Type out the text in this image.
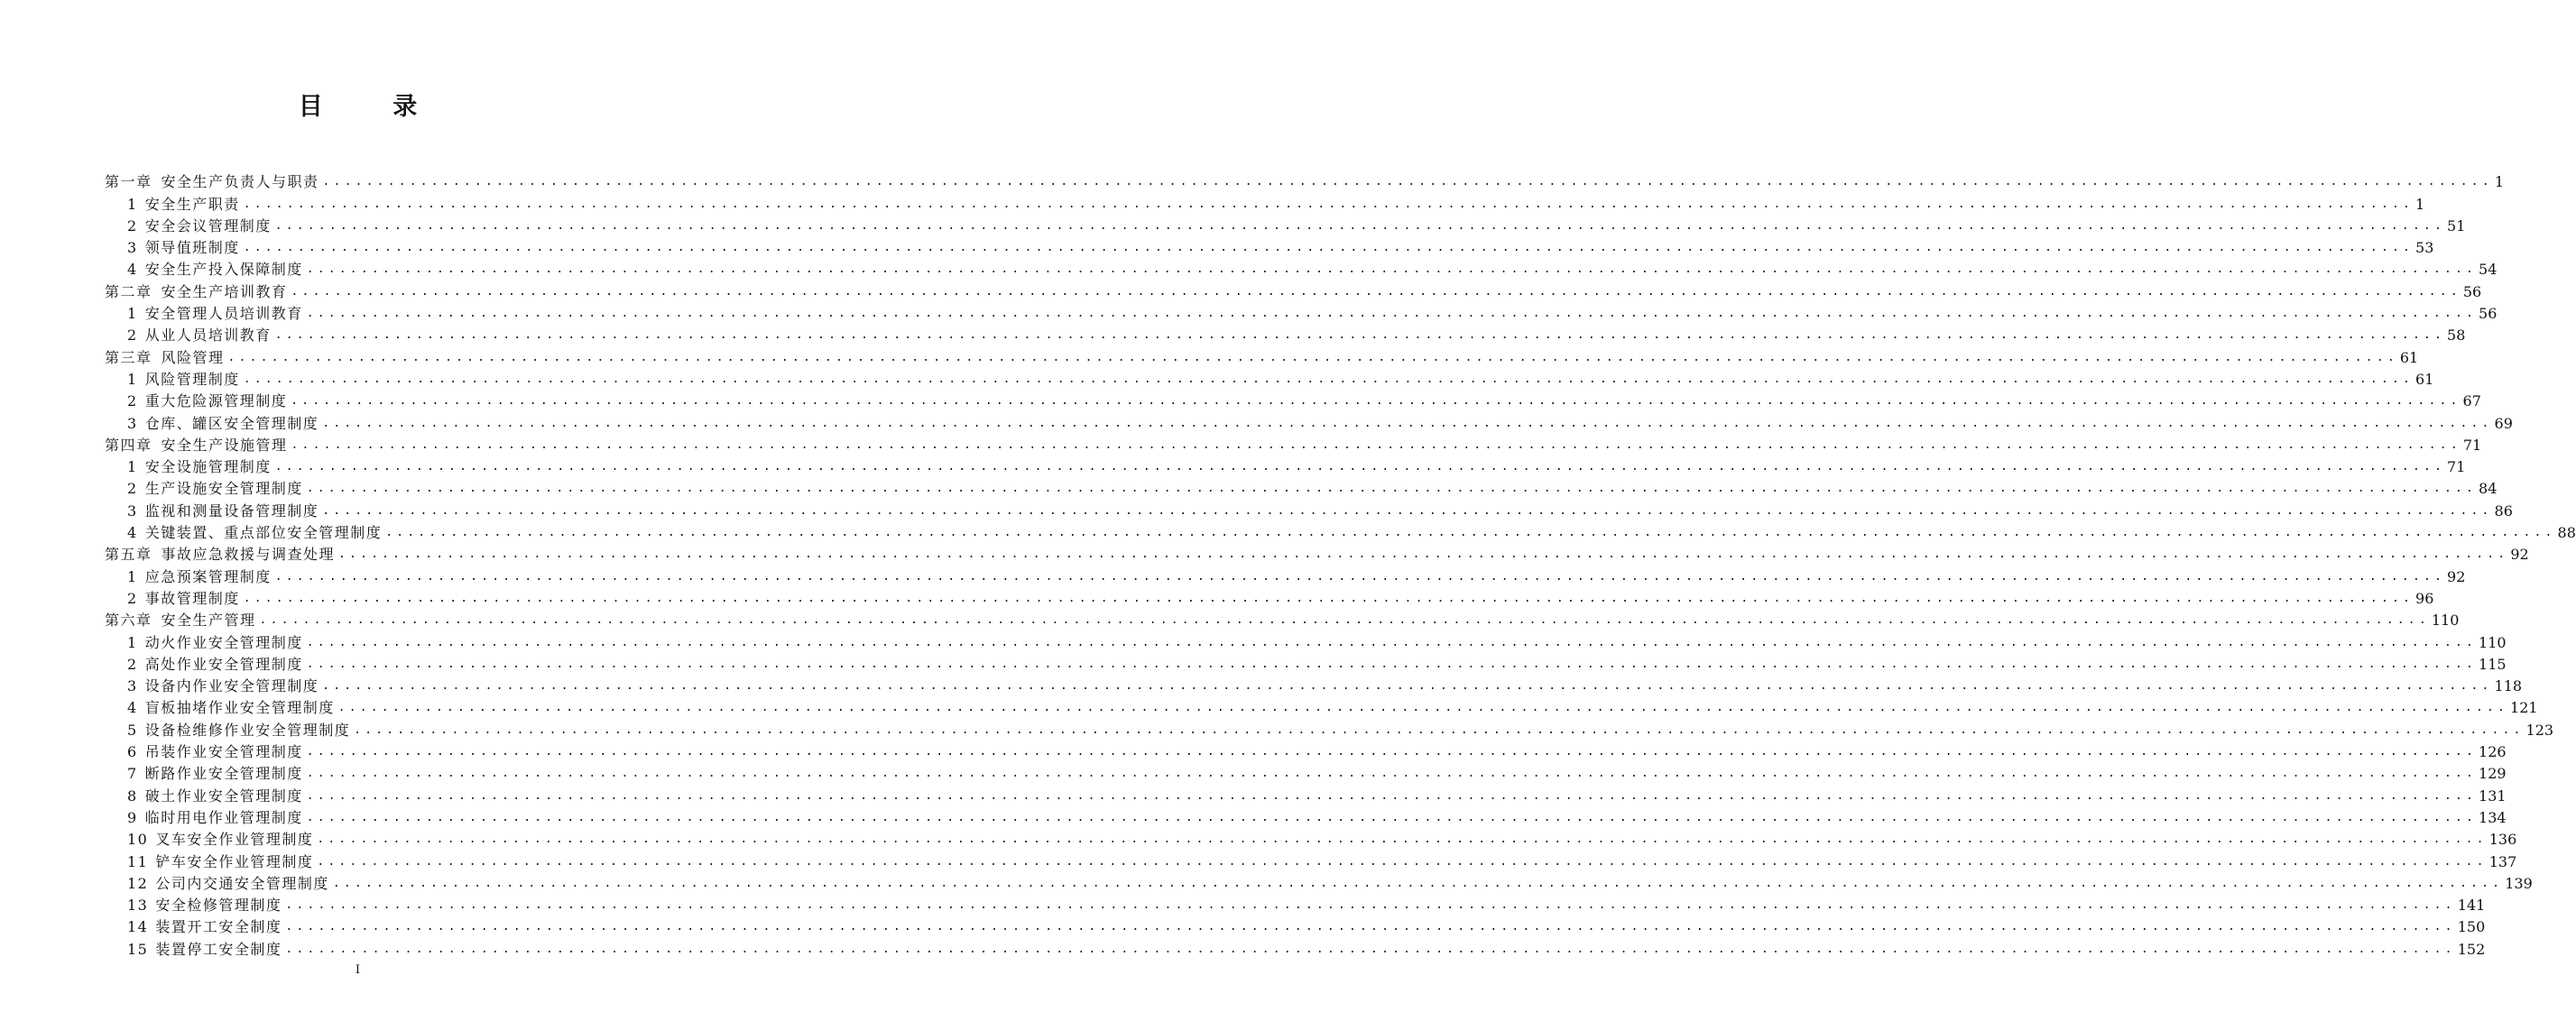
目 录
第一章 安全生产负责人与职责 ........................................................................................................................................................................................................ 1
1 安全生产职责 ........................................................................................................................................................................................................ 1
2 安全会议管理制度 ........................................................................................................................................................................................................ 51
3 领导值班制度 ........................................................................................................................................................................................................ 53
4 安全生产投入保障制度 ........................................................................................................................................................................................................ 54
第二章 安全生产培训教育 ........................................................................................................................................................................................................ 56
1 安全管理人员培训教育 ........................................................................................................................................................................................................ 56
2 从业人员培训教育 ........................................................................................................................................................................................................ 58
第三章 风险管理 ........................................................................................................................................................................................................ 61
1 风险管理制度 ........................................................................................................................................................................................................ 61
2 重大危险源管理制度 ........................................................................................................................................................................................................ 67
3 仓库、罐区安全管理制度 ........................................................................................................................................................................................................ 69
第四章 安全生产设施管理 ........................................................................................................................................................................................................ 71
1 安全设施管理制度 ........................................................................................................................................................................................................ 71
2 生产设施安全管理制度 ........................................................................................................................................................................................................ 84
3 监视和测量设备管理制度 ........................................................................................................................................................................................................ 86
4 关键装置、重点部位安全管理制度 ........................................................................................................................................................................................................ 88
第五章 事故应急救援与调查处理 ........................................................................................................................................................................................................ 92
1 应急预案管理制度 ........................................................................................................................................................................................................ 92
2 事故管理制度 ........................................................................................................................................................................................................ 96
第六章 安全生产管理 ........................................................................................................................................................................................................ 110
1 动火作业安全管理制度 ........................................................................................................................................................................................................ 110
2 高处作业安全管理制度 ........................................................................................................................................................................................................ 115
3 设备内作业安全管理制度 ........................................................................................................................................................................................................ 118
4 盲板抽堵作业安全管理制度 ........................................................................................................................................................................................................ 121
5 设备检维修作业安全管理制度 ........................................................................................................................................................................................................ 123
6 吊装作业安全管理制度 ........................................................................................................................................................................................................ 126
7 断路作业安全管理制度 ........................................................................................................................................................................................................ 129
8 破土作业安全管理制度 ........................................................................................................................................................................................................ 131
9 临时用电作业管理制度 ........................................................................................................................................................................................................ 134
10 叉车安全作业管理制度 ........................................................................................................................................................................................................ 136
11 铲车安全作业管理制度 ........................................................................................................................................................................................................ 137
12 公司内交通安全管理制度 ........................................................................................................................................................................................................ 139
13 安全检修管理制度 ........................................................................................................................................................................................................ 141
14 装置开工安全制度 ........................................................................................................................................................................................................ 150
15 装置停工安全制度 ........................................................................................................................................................................................................ 152
I
